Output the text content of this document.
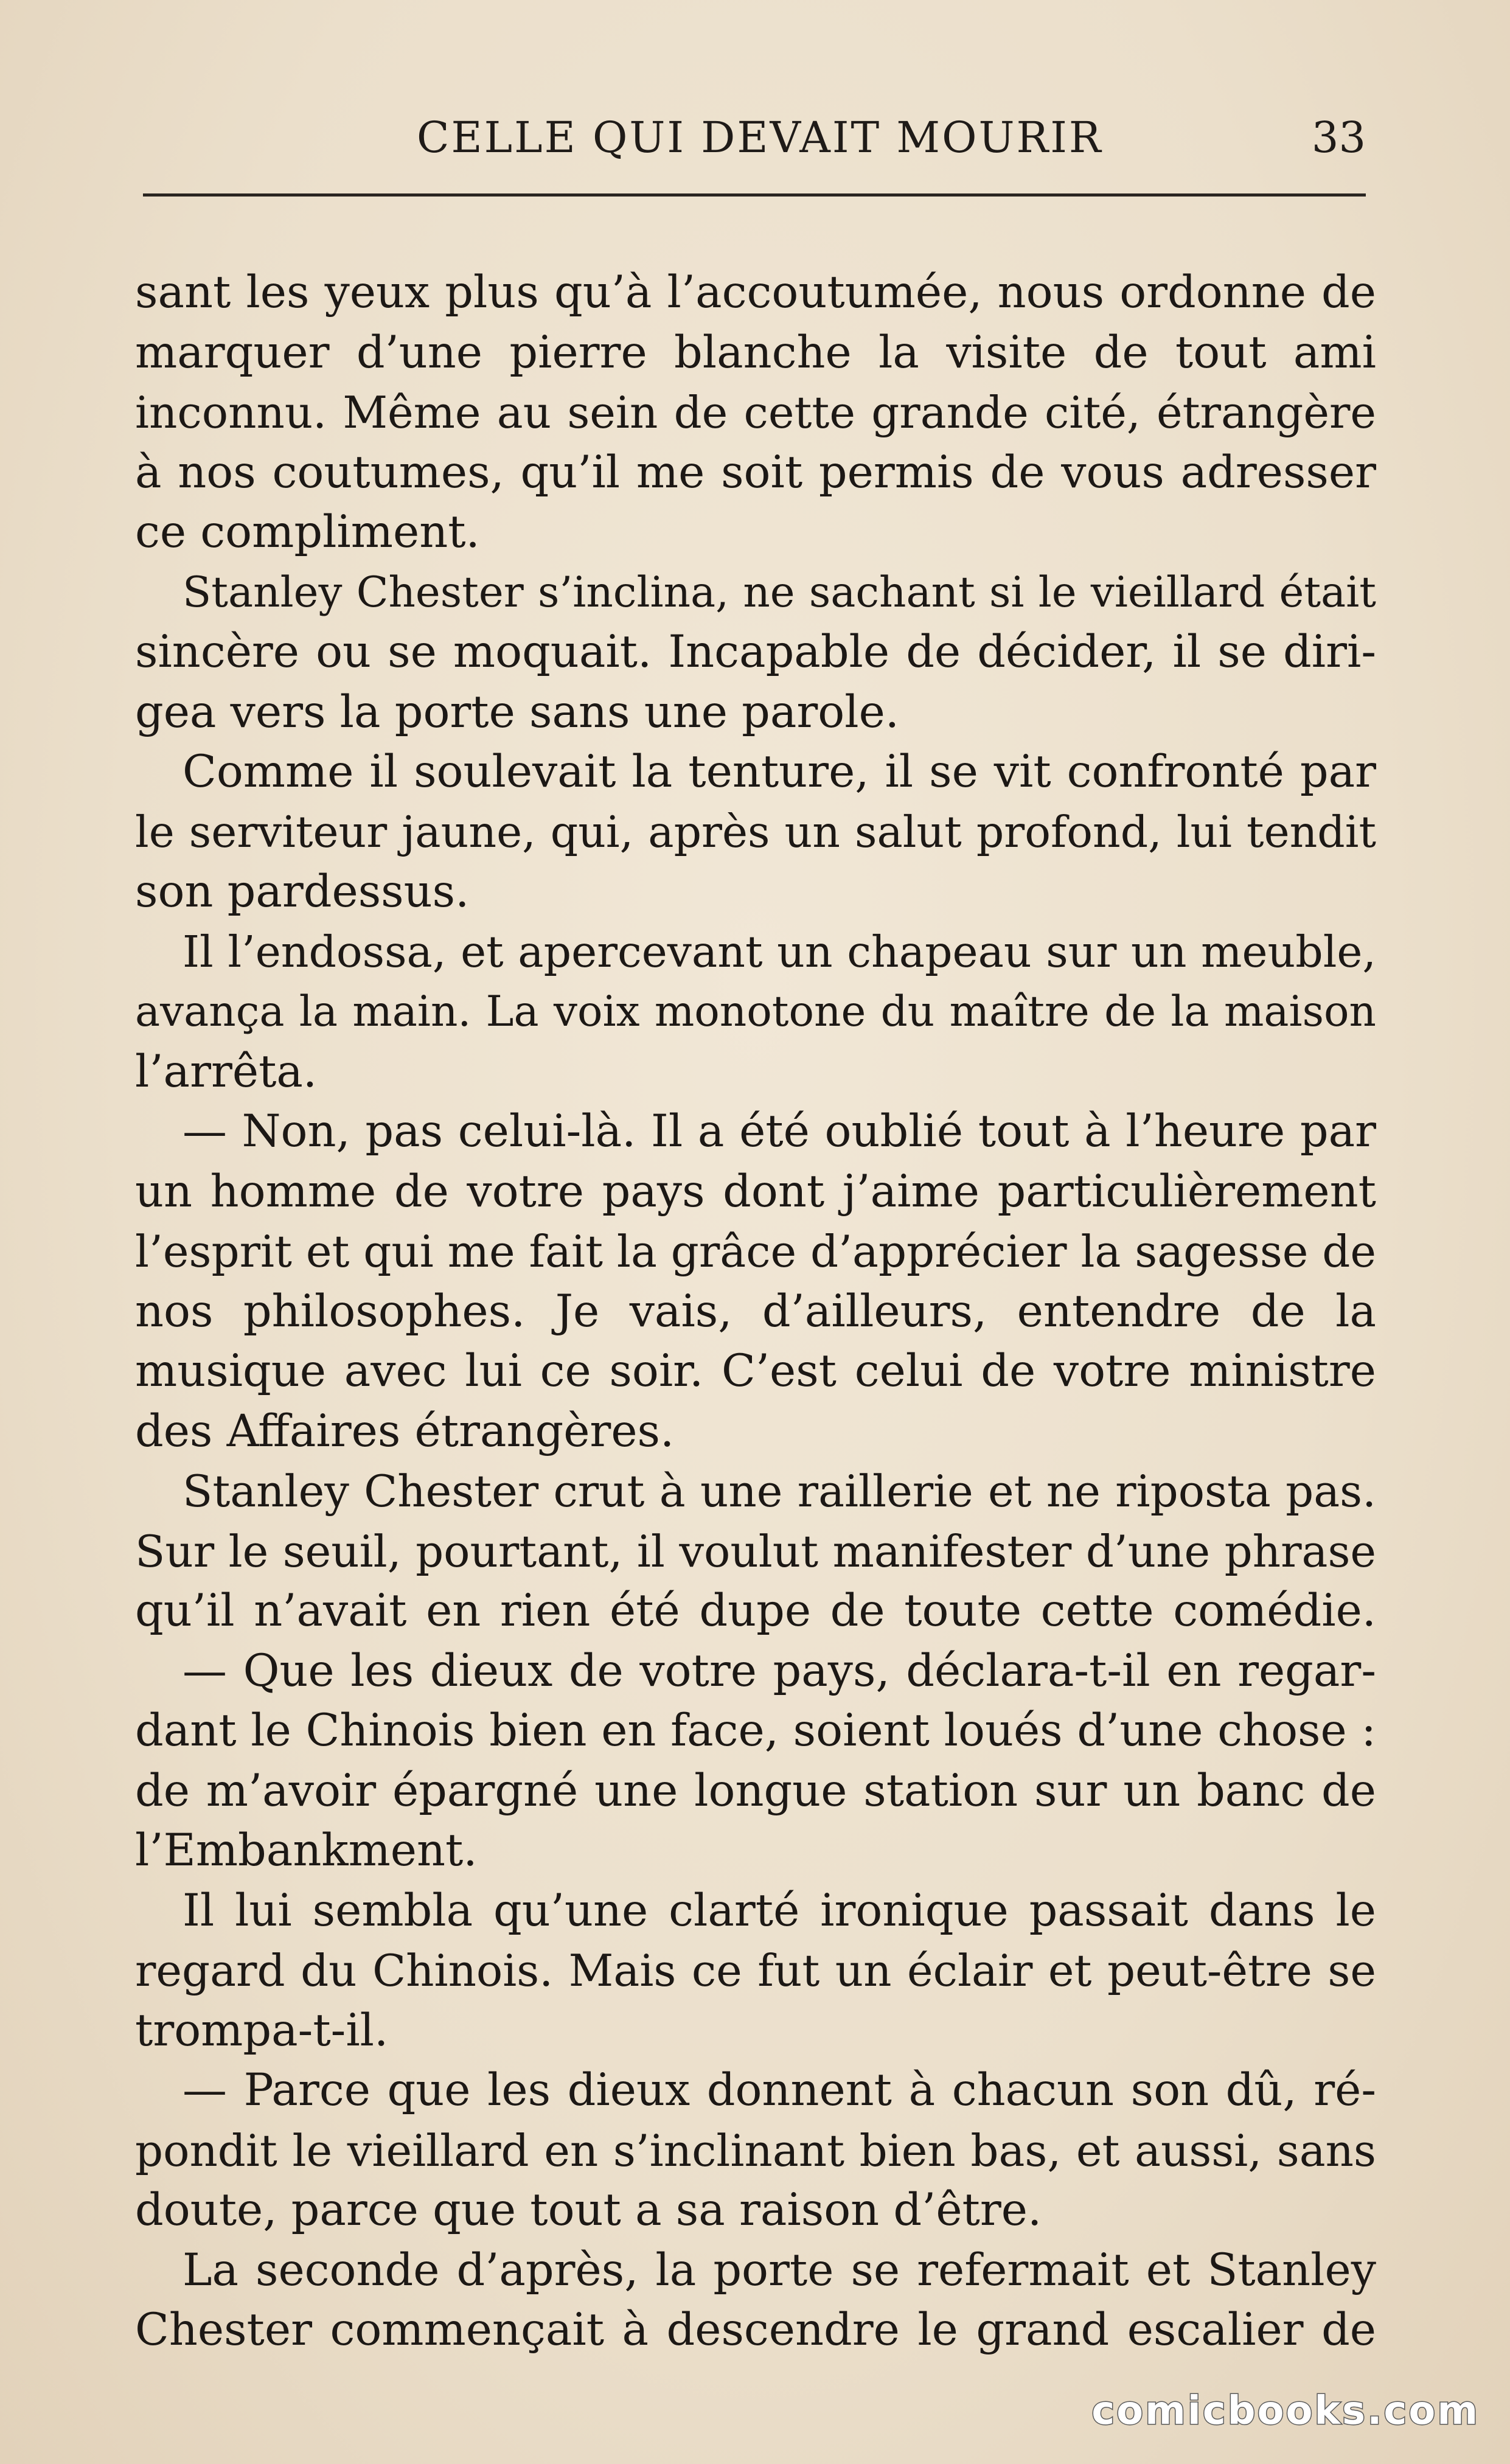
CELLE QUI DEVAIT MOURIR	33
sant les yeux plus qu’à l’accoutumée, nous ordonne de
marquer d’une pierre blanche la visite de tout ami
inconnu. Même au sein de cette grande cité, étrangère
à nos coutumes, qu’il me soit permis de vous adresser
ce compliment.
Stanley Chester s’inclina, ne sachant si le vieillard était
sincère ou se moquait. Incapable de décider, il se diri-
gea vers la porte sans une parole.
Comme il soulevait la tenture, il se vit confronté par
le serviteur jaune, qui, après un salut profond, lui tendit
son pardessus.
Il l’endossa, et apercevant un chapeau sur un meuble,
avança la main. La voix monotone du maître de la maison
l’arrêta.
— Non, pas celui-là. Il a été oublié tout à l’heure par
un homme de votre pays dont j’aime particulièrement
l’esprit et qui me fait la grâce d’apprécier la sagesse de
nos philosophes. Je vais, d’ailleurs, entendre de la
musique avec lui ce soir. C’est celui de votre ministre
des Affaires étrangères.
Stanley Chester crut à une raillerie et ne riposta pas.
Sur le seuil, pourtant, il voulut manifester d’une phrase
qu’il n’avait en rien été dupe de toute cette comédie.
— Que les dieux de votre pays, déclara-t-il en regar-
dant le Chinois bien en face, soient loués d’une chose :
de m’avoir épargné une longue station sur un banc de
l’Embankment.
Il lui sembla qu’une clarté ironique passait dans le
regard du Chinois. Mais ce fut un éclair et peut-être se
trompa-t-il.
— Parce que les dieux donnent à chacun son dû, ré-
pondit le vieillard en s’inclinant bien bas, et aussi, sans
doute, parce que tout a sa raison d’être.
La seconde d’après, la porte se refermait et Stanley
Chester commençait à descendre le grand escalier de
comicbooks.com
